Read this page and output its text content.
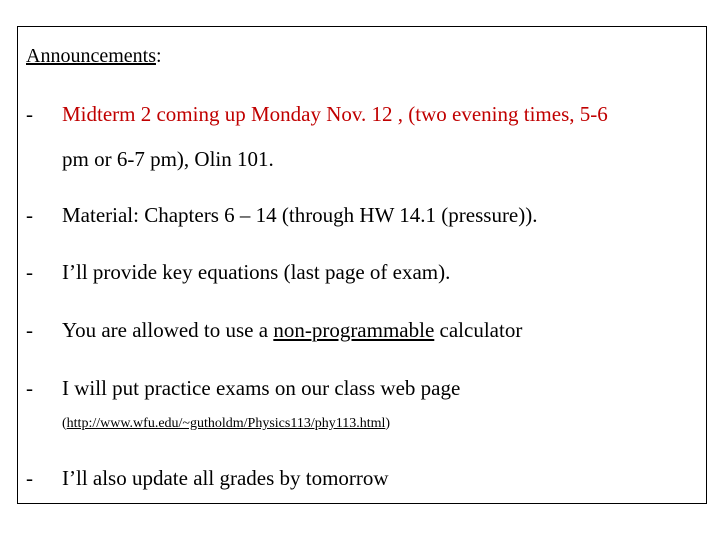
Announcements:
- Midterm 2 coming up Monday Nov. 12 , (two evening times, 5-6
pm or 6-7 pm), Olin 101.
- Material: Chapters 6 – 14 (through HW 14.1 (pressure)).
- I’ll provide key equations (last page of exam).
- You are allowed to use a non-programmable calculator
- I will put practice exams on our class web page
(http://www.wfu.edu/~gutholdm/Physics113/phy113.html)
- I’ll also update all grades by tomorrow
